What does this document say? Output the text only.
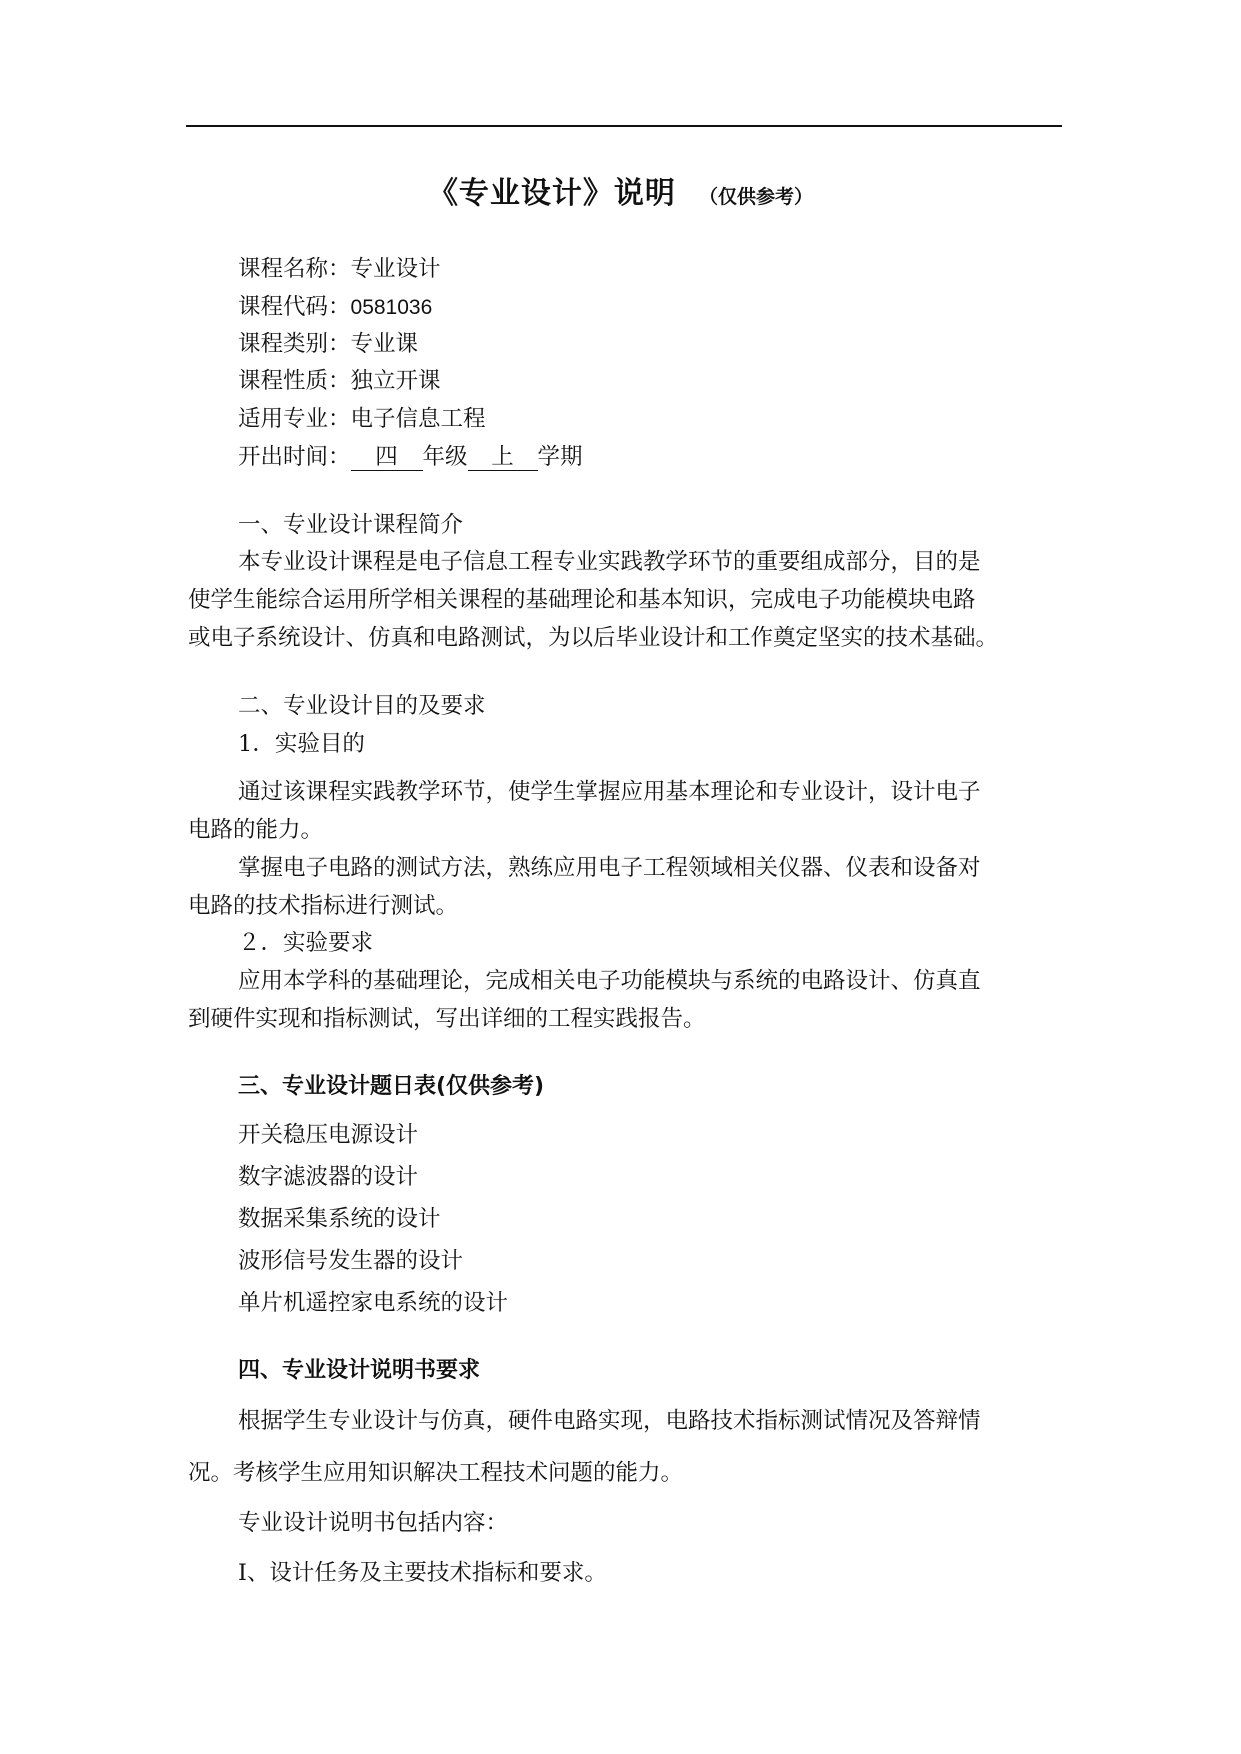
《专业设计》说明 （仅供参考）
课程名称：专业设计
课程代码：0581036
课程类别：专业课
课程性质：独立开课
适用专业：电子信息工程
开出时间： 四 年级 上 学期
一、专业设计课程简介
本专业设计课程是电子信息工程专业实践教学环节的重要组成部分，目的是
使学生能综合运用所学相关课程的基础理论和基本知识，完成电子功能模块电路
或电子系统设计、仿真和电路测试，为以后毕业设计和工作奠定坚实的技术基础。
二、专业设计目的及要求
1．实验目的
通过该课程实践教学环节，使学生掌握应用基本理论和专业设计，设计电子
电路的能力。
掌握电子电路的测试方法，熟练应用电子工程领域相关仪器、仪表和设备对
电路的技术指标进行测试。
２．实验要求
应用本学科的基础理论，完成相关电子功能模块与系统的电路设计、仿真直
到硬件实现和指标测试，写出详细的工程实践报告。
三、专业设计题日表(仅供参考)
开关稳压电源设计
数字滤波器的设计
数据采集系统的设计
波形信号发生器的设计
单片机遥控家电系统的设计
四、专业设计说明书要求
根据学生专业设计与仿真，硬件电路实现，电路技术指标测试情况及答辩情
况。考核学生应用知识解决工程技术问题的能力。
专业设计说明书包括内容：
I、设计任务及主要技术指标和要求。
